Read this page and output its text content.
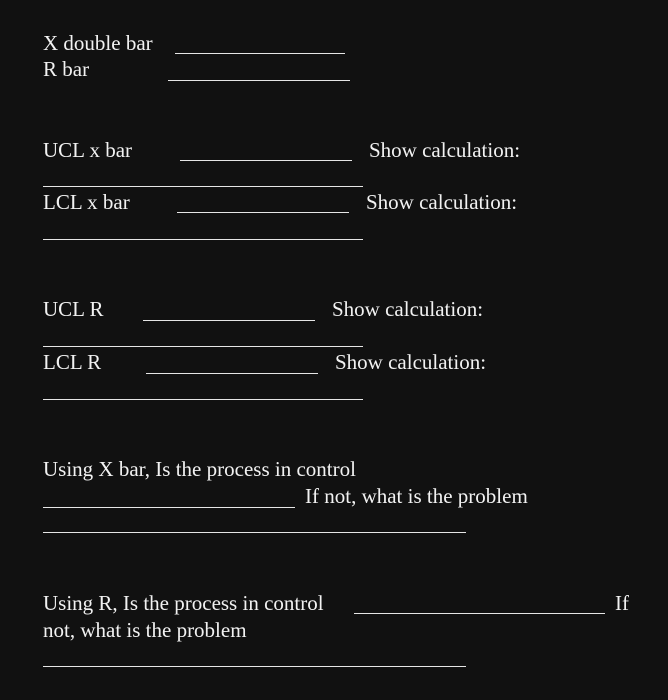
X double bar
R bar
UCL x bar	Show calculation:
LCL x bar	Show calculation:
UCL R	Show calculation:
LCL R	Show calculation:
Using X bar, Is the process in control
If not, what is the problem
Using R, Is the process in control	If
not, what is the problem
